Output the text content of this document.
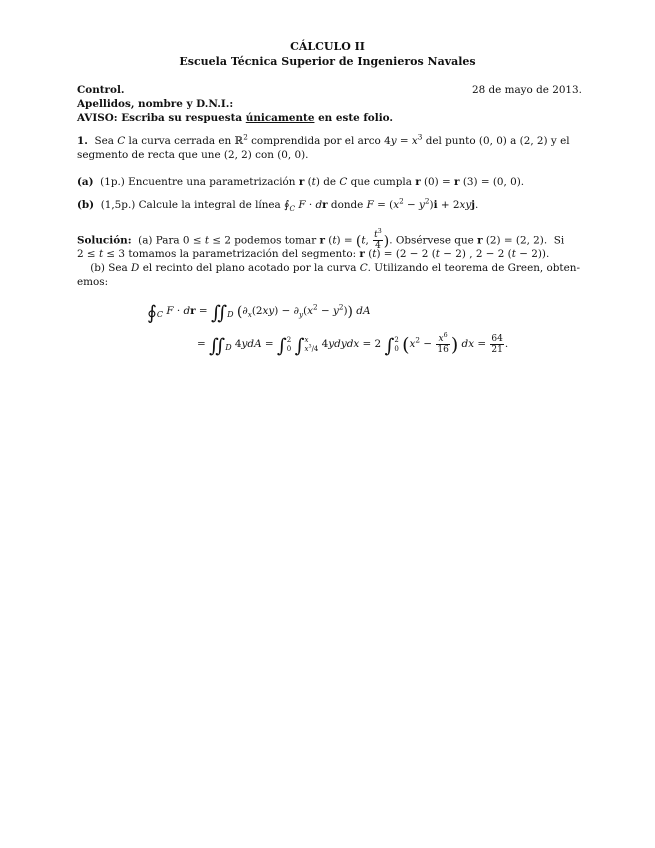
CÁLCULO II
Escuela Técnica Superior de Ingenieros Navales
Control.	28 de mayo de 2013.
Apellidos, nombre y D.N.I.:
AVISO: Escriba su respuesta únicamente en este folio.
1.  Sea C la curva cerrada en ℝ$^2$ comprendida por el arco $4y = x^3$ del punto (0, 0) a (2, 2) y el
segmento de recta que une (2, 2) con (0, 0).
(a)  (1p.) Encuentre una parametrización r (t) de C que cumpla r (0) = r (3) = (0, 0).
(b)  (1,5p.) Calcule la integral de línea $∮_C$ F · dr donde $F = (x^2 - y^2)i + 2xyj$.
Solución:  (a) Para 0 ≤ t ≤ 2 podemos tomar r (t) = (t, $\frac{t^3}{4}$ ). Obsérvese que r (2) = (2, 2).  Si
2 ≤ t ≤ 3 tomamos la parametrización del segmento: r (t) = (2 − 2 (t − 2) , 2 − 2 (t − 2)).
(b) Sea D el recinto del plano acotado por la curva C. Utilizando el teorema de Green, obten-
emos:
$∮_C$ F · dr = $∬_D$ $(\partial_x(2xy) - \partial_y(x^2 - y^2))$ dA
= $∬_D$ 4ydA = ∫ 2
0 ∫ x
$x^3/4$ 4ydydx = 2 ∫ 2
0 ($x^2 - \frac{x^6}{16}$ ) dx = $\frac{64}{21}$ .
